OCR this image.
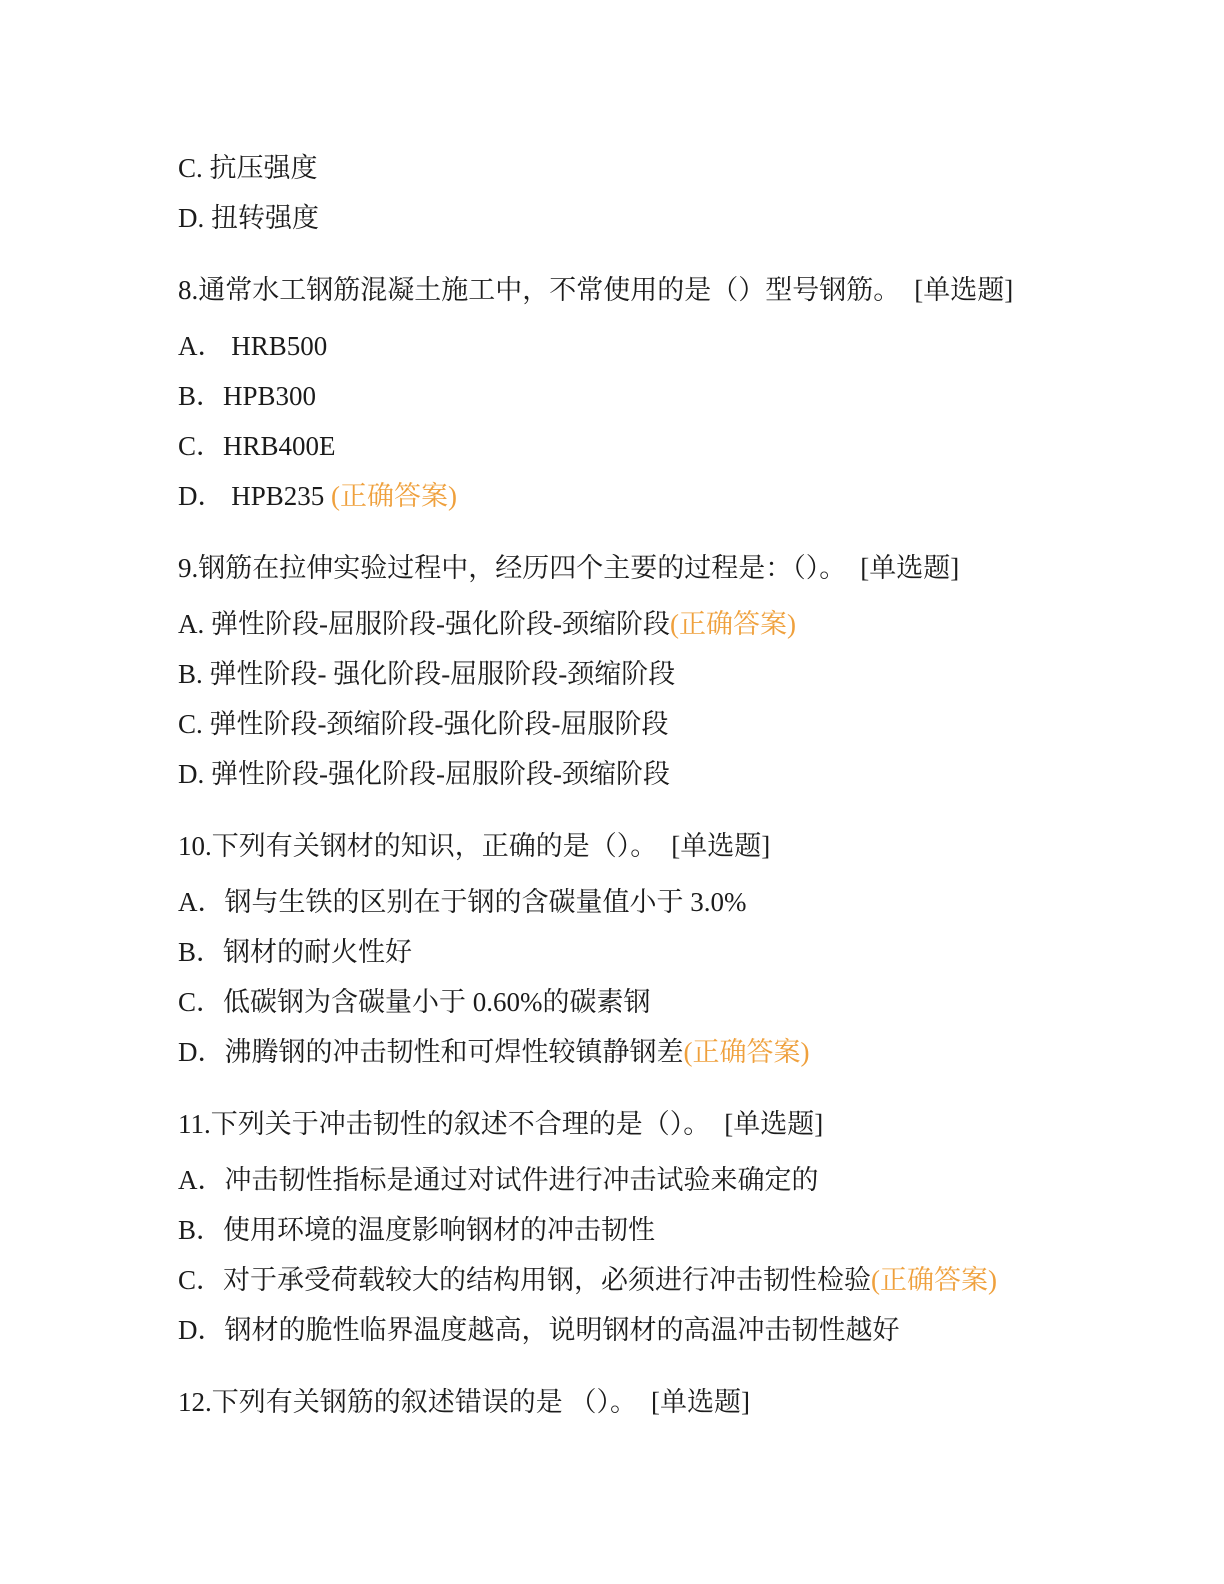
C. 抗压强度

D. 扭转强度

8.通常水工钢筋混凝土施工中，不常使用的是（）型号钢筋。 [单选题]

A． HRB500

B．HPB300

C．HRB400E

D． HPB235 (正确答案)

9.钢筋在拉伸实验过程中，经历四个主要的过程是：（）。 [单选题]

A. 弹性阶段-屈服阶段-强化阶段-颈缩阶段(正确答案)

B. 弹性阶段- 强化阶段-屈服阶段-颈缩阶段

C. 弹性阶段-颈缩阶段-强化阶段-屈服阶段

D. 弹性阶段-强化阶段-屈服阶段-颈缩阶段

10.下列有关钢材的知识，正确的是（）。 [单选题]

A．钢与生铁的区别在于钢的含碳量值小于 3.0%

B．钢材的耐火性好

C．低碳钢为含碳量小于 0.60%的碳素钢

D．沸腾钢的冲击韧性和可焊性较镇静钢差(正确答案)

11.下列关于冲击韧性的叙述不合理的是（）。 [单选题]

A．冲击韧性指标是通过对试件进行冲击试验来确定的

B．使用环境的温度影响钢材的冲击韧性

C．对于承受荷载较大的结构用钢，必须进行冲击韧性检验(正确答案)

D．钢材的脆性临界温度越高，说明钢材的高温冲击韧性越好

12.下列有关钢筋的叙述错误的是 （）。 [单选题]
